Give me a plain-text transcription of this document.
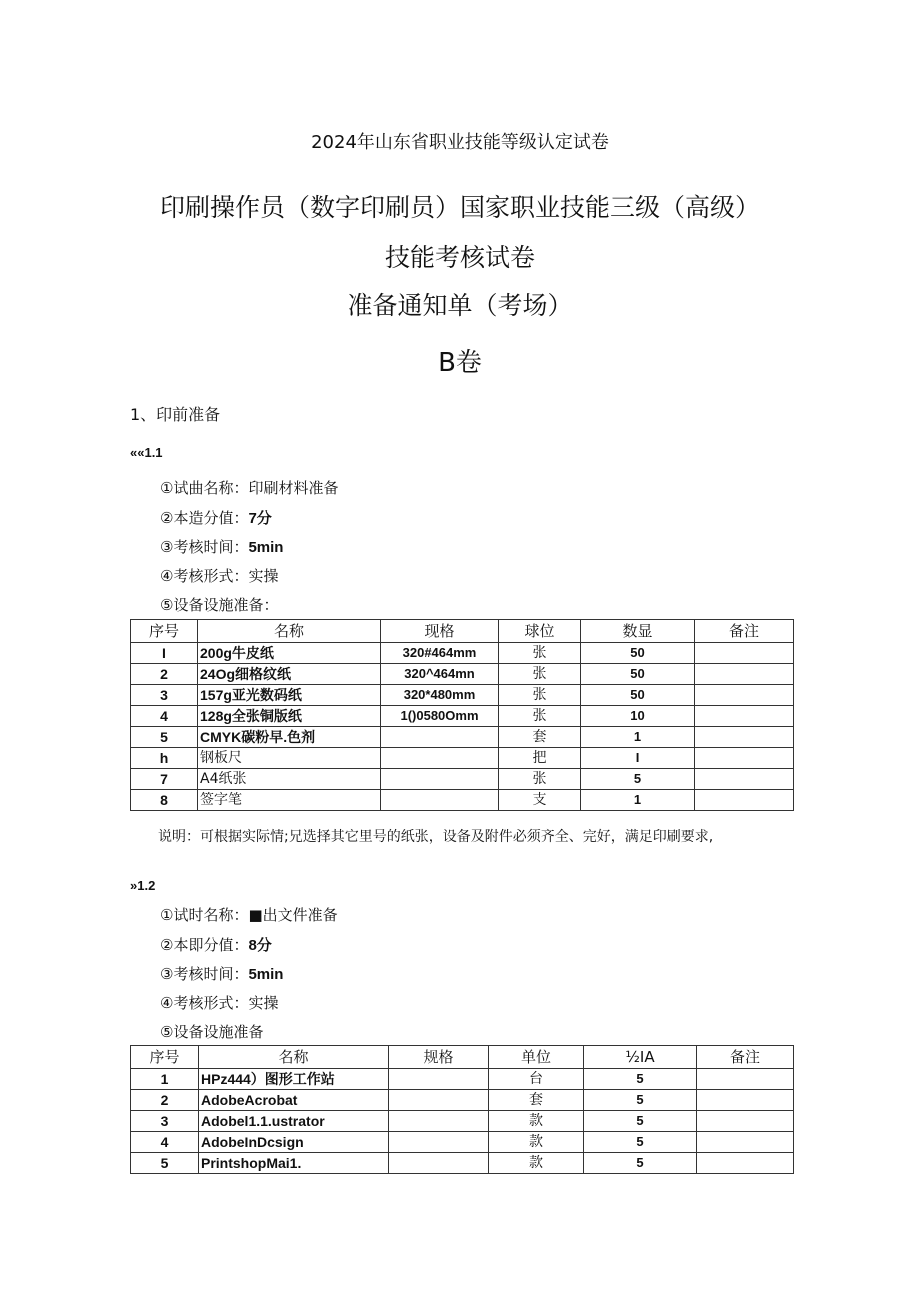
2024年山东省职业技能等级认定试卷
印刷操作员（数字印刷员）国家职业技能三级（高级）
技能考核试卷
准备通知单（考场）
B卷
1、印前准备
««1.1
①试曲名称：印刷材料准备
②本造分值：7分
③考核时间：5min
④考核形式：实操
⑤设备设施准备：
序号	名称	现格	球位	数显	备注
I	200g牛皮纸	320#464mm	张	50	
2	24Og细格纹纸	320^464mn	张	50	
3	157g亚光数码纸	320*480mm	张	50	
4	128g全张铜版纸	1()0580Omm	张	10	
5	CMYK碳粉早.色剂		套	1	
h	钢板尺		把	I	
7	A4纸张		张	5	
8	签字笔		支	1	
说明：可根据实际情;兄选择其它里号的纸张，设备及附件必须齐全、完好，满足印刷要求,
»1.2
①试时名称：■出文件准备
②本即分值：8分
③考核时间：5min
④考核形式：实操
⑤设备设施准备
序号	名称	规格	单位	½IA	备注
1	HPz444）图形工作站		台	5	
2	AdobeAcrobat		套	5	
3	Adobel1.1.ustrator		款	5	
4	AdobeInDcsign		款	5	
5	PrintshopMai1.		款	5	
